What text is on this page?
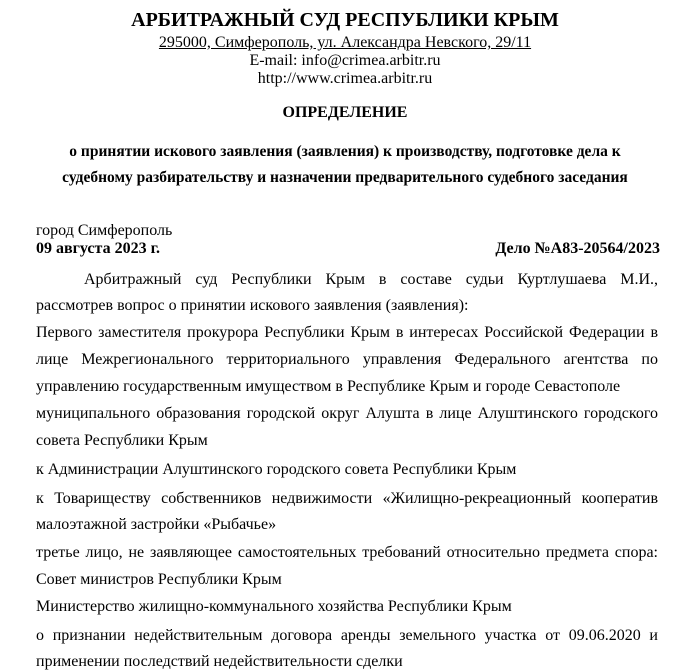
АРБИТРАЖНЫЙ СУД РЕСПУБЛИКИ КРЫМ
295000, Симферополь, ул. Александра Невского, 29/11
E-mail: info@crimea.arbitr.ru
http://www.crimea.arbitr.ru
ОПРЕДЕЛЕНИЕ
о принятии искового заявления (заявления) к производству, подготовке дела к
судебному разбирательству и назначении предварительного судебного заседания
город Симферополь
09 августа 2023 г.	Дело №А83-20564/2023
Арбитражный суд Республики Крым в составе судьи Куртлушаева М.И.,
рассмотрев вопрос о принятии искового заявления (заявления):
Первого заместителя прокурора Республики Крым в интересах Российской Федерации в
лице Межрегионального территориального управления Федерального агентства по
управлению государственным имуществом в Республике Крым и городе Севастополе
муниципального образования городской округ Алушта в лице Алуштинского городского
совета Республики Крым
к Администрации Алуштинского городского совета Республики Крым
к Товариществу собственников недвижимости «Жилищно-рекреационный кооператив
малоэтажной застройки «Рыбачье»
третье лицо, не заявляющее самостоятельных требований относительно предмета спора:
Совет министров Республики Крым
Министерство жилищно-коммунального хозяйства Республики Крым
о признании недействительным договора аренды земельного участка от 09.06.2020 и
применении последствий недействительности сделки
